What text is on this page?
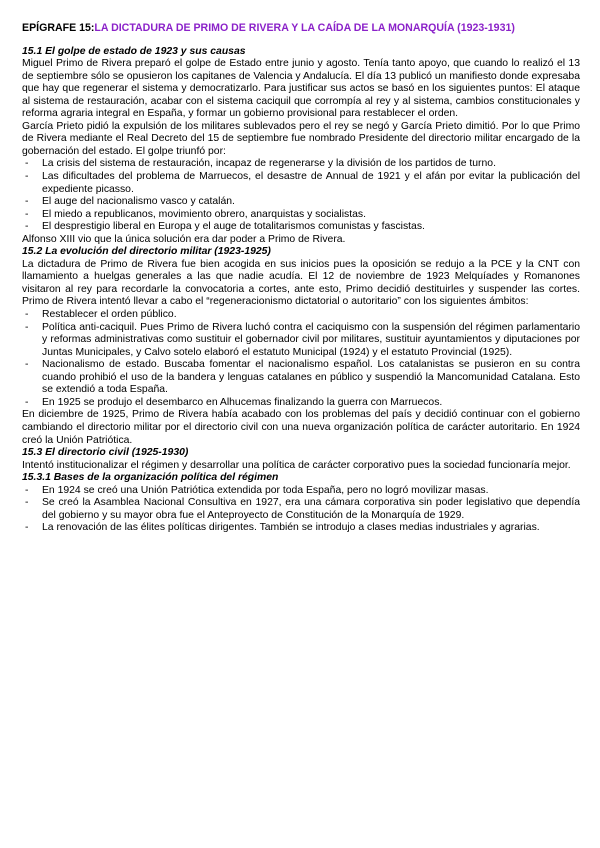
EPÍGRAFE 15:LA DICTADURA DE PRIMO DE RIVERA Y LA CAÍDA DE LA MONARQUÍA (1923-1931)
15.1 El golpe de estado de 1923 y sus causas

Miguel Primo de Rivera preparó el golpe de Estado entre junio y agosto. Tenía tanto apoyo, que cuando lo realizó el 13 de septiembre sólo se opusieron los capitanes de Valencia y Andalucía. El día 13 publicó un manifiesto donde expresaba que hay que regenerar el sistema y democratizarlo. Para justificar sus actos se basó en los siguientes puntos: El ataque al sistema de restauración, acabar con el sistema caciquil que corrompía al rey y al sistema, cambios constitucionales y reforma agraria integral en España, y formar un gobierno provisional para restablecer el orden.

García Prieto pidió la expulsión de los militares sublevados pero el rey se negó y García Prieto dimitió. Por lo que Primo de Rivera mediante el Real Decreto del 15 de septiembre fue nombrado Presidente del directorio militar encargado de la gobernación del estado. El golpe triunfó por:

- La crisis del sistema de restauración, incapaz de regenerarse y la división de los partidos de turno.
- Las dificultades del problema de Marruecos, el desastre de Annual de 1921 y el afán por evitar la publicación del expediente picasso.
- El auge del nacionalismo vasco y catalán.
- El miedo a republicanos, movimiento obrero, anarquistas y socialistas.
- El desprestigio liberal en Europa y el auge de totalitarismos comunistas y fascistas.

Alfonso XIII vio que la única solución era dar poder a Primo de Rivera.

15.2 La evolución del directorio militar (1923-1925)

La dictadura de Primo de Rivera fue bien acogida en sus inicios pues la oposición se redujo a la PCE y la CNT con llamamiento a huelgas generales a las que nadie acudía. El 12 de noviembre de 1923 Melquíades y Romanones visitaron al rey para recordarle la convocatoria a cortes, ante esto, Primo decidió destituirles y suspender las cortes. Primo de Rivera intentó llevar a cabo el “regeneracionismo dictatorial o autoritario” con los siguientes ámbitos:

- Restablecer el orden público.
- Política anti-caciquil. Pues Primo de Rivera luchó contra el caciquismo con la suspensión del régimen parlamentario y reformas administrativas como sustituir el gobernador civil por militares, sustituir ayuntamientos y diputaciones por Juntas Municipales, y Calvo sotelo elaboró el estatuto Municipal (1924) y el estatuto Provincial (1925).
- Nacionalismo de estado. Buscaba fomentar el nacionalismo español. Los catalanistas se pusieron en su contra cuando prohibió el uso de la bandera y lenguas catalanes en público y suspendió la Mancomunidad Catalana. Esto se extendió a toda España.
- En 1925 se produjo el desembarco en Alhucemas finalizando la guerra con Marruecos.

En diciembre de 1925, Primo de Rivera había acabado con los problemas del país y decidió continuar con el gobierno cambiando el directorio militar por el directorio civil con una nueva organización política de carácter autoritario. En 1924 creó la Unión Patriótica.

15.3 El directorio civil (1925-1930)

Intentó institucionalizar el régimen y desarrollar una política de carácter corporativo pues la sociedad funcionaría mejor.

15.3.1 Bases de la organización política del régimen
- En 1924 se creó una Unión Patriótica extendida por toda España, pero no logró movilizar masas.
- Se creó la Asamblea Nacional Consultiva en 1927, era una cámara corporativa sin poder legislativo que dependía del gobierno y su mayor obra fue el Anteproyecto de Constitución de la Monarquía de 1929.
- La renovación de las élites políticas dirigentes. También se introdujo a clases medias industriales y agrarias.
